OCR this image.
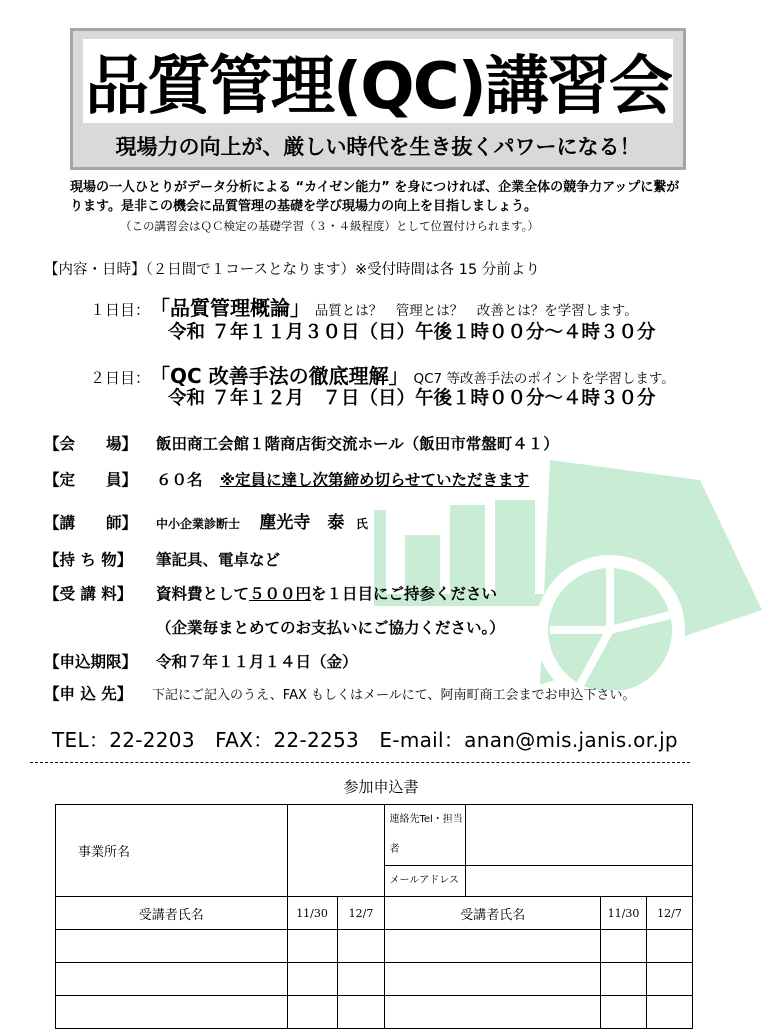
品質管理(QC)講習会
現場力の向上が、厳しい時代を生き抜くパワーになる！
現場の一人ひとりがデータ分析による “カイゼン能力” を身につければ、企業全体の競争力アップに繋がります。是非この機会に品質管理の基礎を学び現場力の向上を目指しましょう。
（この講習会はＱＣ検定の基礎学習（３・４級程度）として位置付けられます。）
【内容・日時】（２日間で１コースとなります）※受付時間は各 15 分前より
１日目：「品質管理概論」 品質とは？　管理とは？　改善とは？を学習します。
令和 ７年１１月３０日（日）午後１時００分〜４時３０分
２日目：「QC 改善手法の徹底理解」 QC7 等改善手法のポイントを学習します。
令和 ７年１２月　７日（日）午後１時００分〜４時３０分
【会　　場】 飯田商工会館１階商店街交流ホール（飯田市常盤町４１）
【定　　員】 ６０名 ※定員に達し次第締め切らせていただきます
【講　　師】 中小企業診断士 塵光寺　泰 氏
【持 ち 物】 筆記具、電卓など
【受 講 料】 資料費として５００円を１日目にご持参ください
（企業毎まとめてのお支払いにご協力ください。）
【申込期限】 令和７年１１月１４日（金）
【申 込 先】 下記にご記入のうえ、FAX もしくはメールにて、阿南町商工会までお申込下さい。
TEL：22-2203　FAX：22-2253　E-mail：anan@mis.janis.or.jp
参加申込書
事業所名			連絡先Tel・担当者		
			メールアドレス		
受講者氏名	11/30	12/7	受講者氏名	11/30	12/7
